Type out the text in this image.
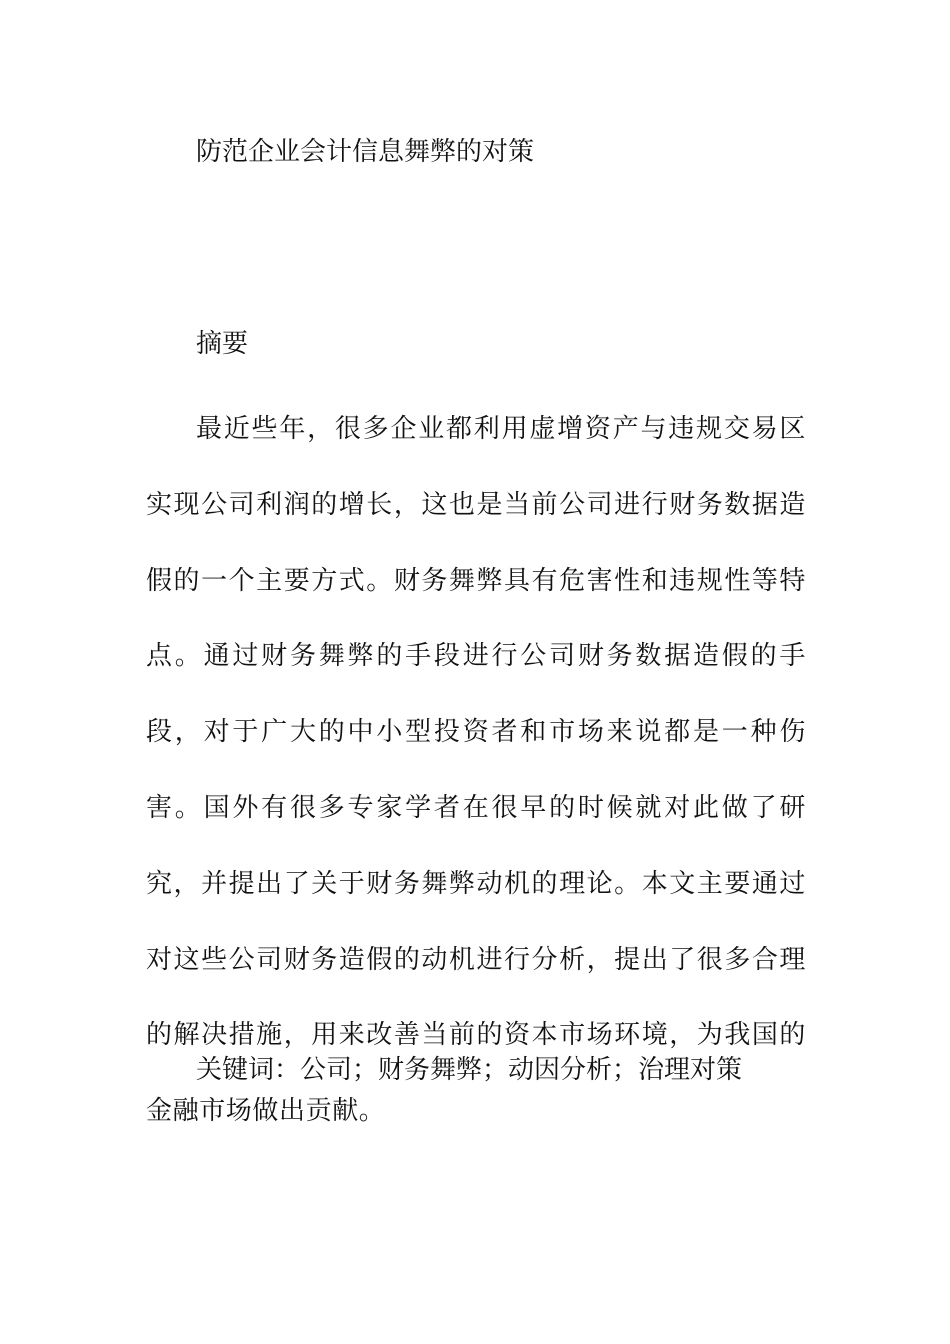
防范企业会计信息舞弊的对策
摘要

最近些年，很多企业都利用虚增资产与违规交易区实现公司利润的增长，这也是当前公司进行财务数据造假的一个主要方式。财务舞弊具有危害性和违规性等特点。通过财务舞弊的手段进行公司财务数据造假的手段，对于广大的中小型投资者和市场来说都是一种伤害。国外有很多专家学者在很早的时候就对此做了研究，并提出了关于财务舞弊动机的理论。本文主要通过对这些公司财务造假的动机进行分析，提出了很多合理的解决措施，用来改善当前的资本市场环境，为我国的金融市场做出贡献。

关键词：公司；财务舞弊；动因分析；治理对策
